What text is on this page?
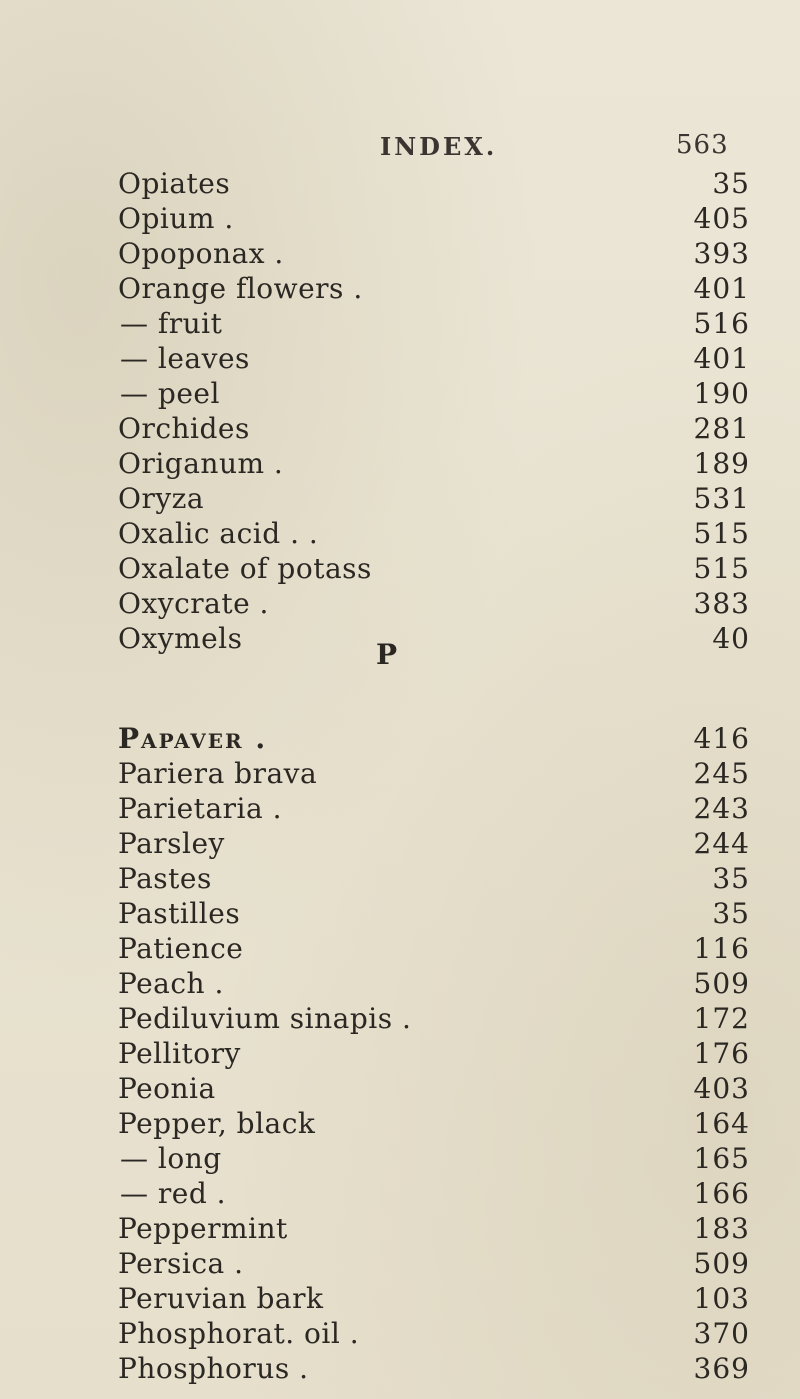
INDEX.	563
P
Opiates	35
Opium .	405
Opoponax .	393
Orange flowers .	401
— fruit	516
— leaves	401
— peel	190
Orchides	281
Origanum .	189
Oryza	531
Oxalic acid . .	515
Oxalate of potass	515
Oxycrate .	383
Oxymels	40
Papaver .	416
Pariera brava	245
Parietaria .	243
Parsley	244
Pastes	35
Pastilles	35
Patience	116
Peach .	509
Pediluvium sinapis .	172
Pellitory	176
Peonia	403
Pepper, black	164
— long	165
— red .	166
Peppermint	183
Persica .	509
Peruvian bark	103
Phosphorat. oil .	370
Phosphorus .	369
